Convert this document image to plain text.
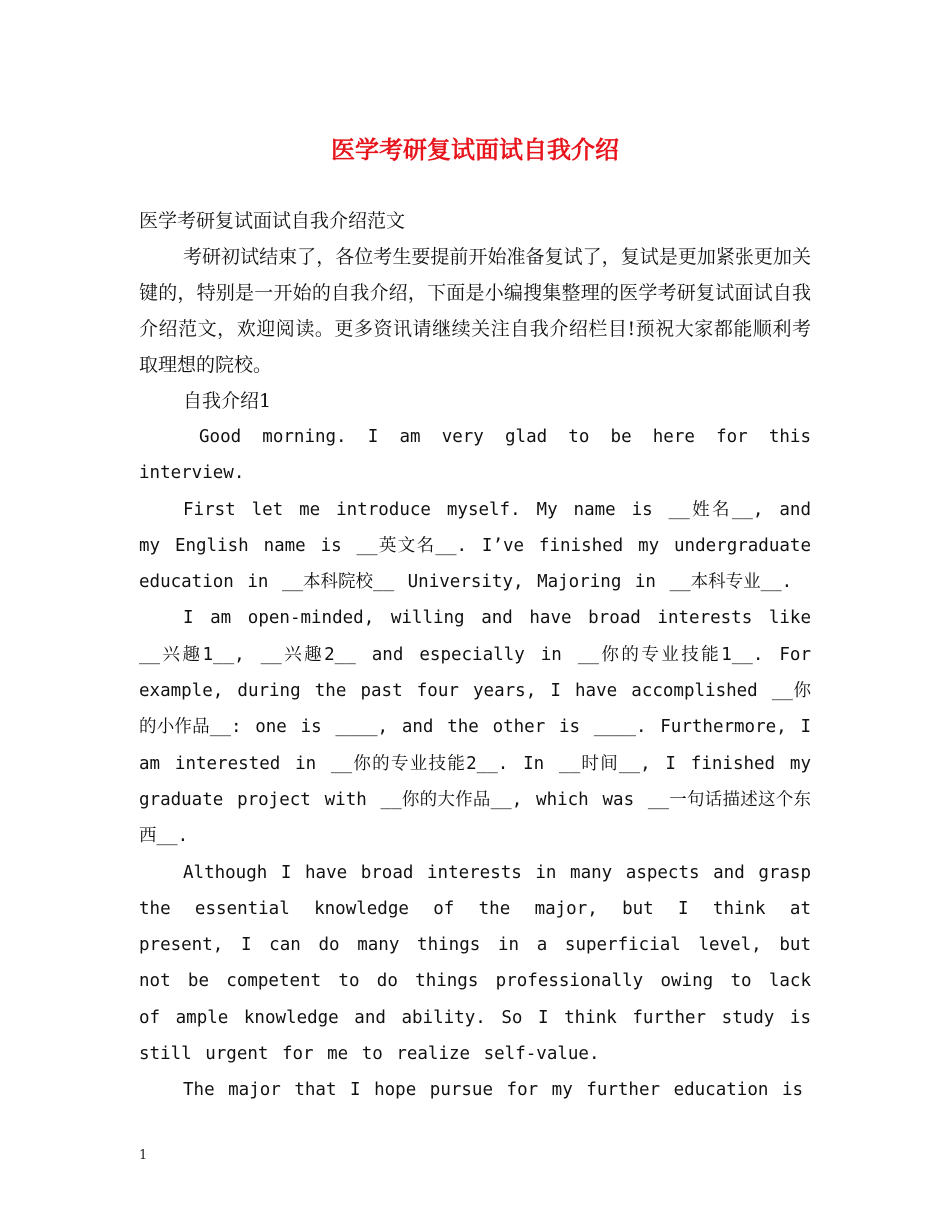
医学考研复试面试自我介绍

医学考研复试面试自我介绍范文

考研初试结束了，各位考生要提前开始准备复试了，复试是更加紧张更加关键的，特别是一开始的自我介绍，下面是小编搜集整理的医学考研复试面试自我介绍范文，欢迎阅读。更多资讯请继续关注自我介绍栏目!预祝大家都能顺利考取理想的院校。

自我介绍1

Good morning. I am very glad to be here for this interview.

First let me introduce myself. My name is __姓名__, and my English name is __英文名__. I’ve finished my undergraduate education in __本科院校__ University, Majoring in __本科专业__.

I am open-minded, willing and have broad interests like __兴趣1__, __兴趣2__ and especially in __你的专业技能1__. For example, during the past four years, I have accomplished __你的小作品__: one is ____, and the other is ____. Furthermore, I am interested in __你的专业技能2__. In __时间__, I finished my graduate project with __你的大作品__, which was __一句话描述这个东西__.

Although I have broad interests in many aspects and grasp the essential knowledge of the major, but I think at present, I can do many things in a superficial level, but not be competent to do things professionally owing to lack of ample knowledge and ability. So I think further study is still urgent for me to realize self-value.

The major that I hope pursue for my further education is

1
